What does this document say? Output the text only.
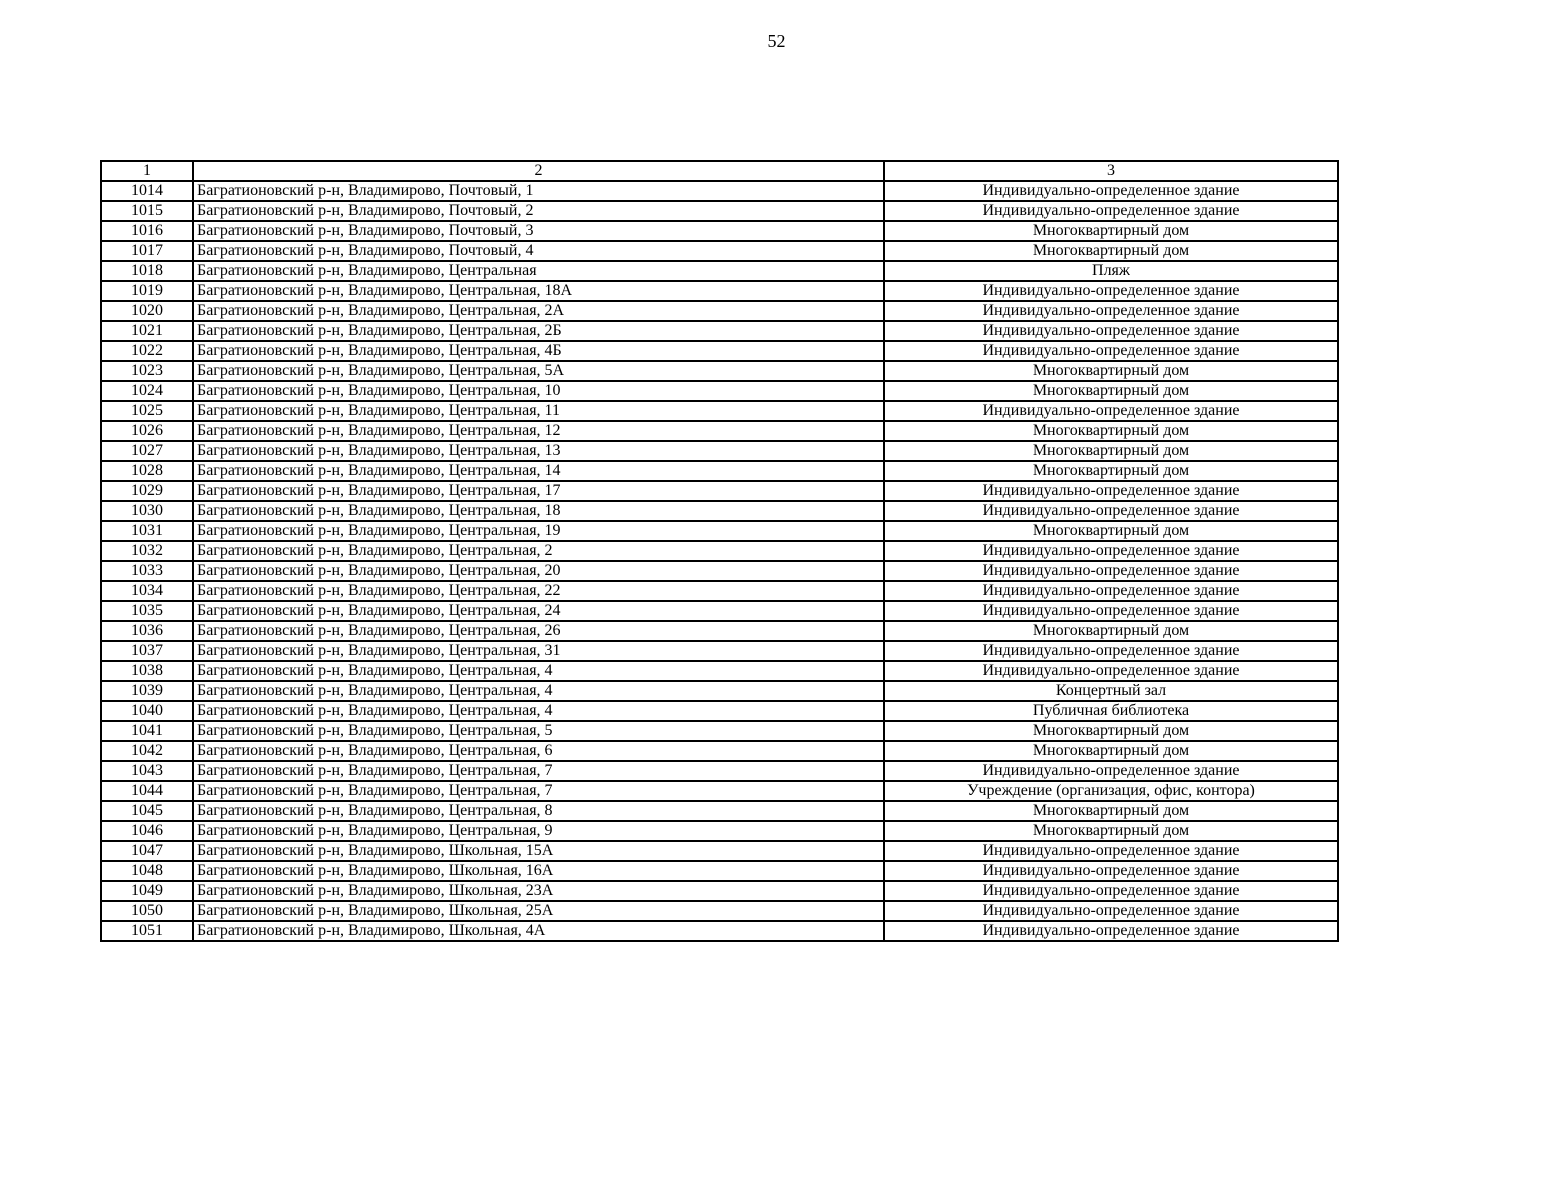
52
1	2	3
1014	Багратионовский р-н, Владимирово, Почтовый, 1	Индивидуально-определенное здание
1015	Багратионовский р-н, Владимирово, Почтовый, 2	Индивидуально-определенное здание
1016	Багратионовский р-н, Владимирово, Почтовый, 3	Многоквартирный дом
1017	Багратионовский р-н, Владимирово, Почтовый, 4	Многоквартирный дом
1018	Багратионовский р-н, Владимирово, Центральная	Пляж
1019	Багратионовский р-н, Владимирово, Центральная, 18А	Индивидуально-определенное здание
1020	Багратионовский р-н, Владимирово, Центральная, 2А	Индивидуально-определенное здание
1021	Багратионовский р-н, Владимирово, Центральная, 2Б	Индивидуально-определенное здание
1022	Багратионовский р-н, Владимирово, Центральная, 4Б	Индивидуально-определенное здание
1023	Багратионовский р-н, Владимирово, Центральная, 5А	Многоквартирный дом
1024	Багратионовский р-н, Владимирово, Центральная, 10	Многоквартирный дом
1025	Багратионовский р-н, Владимирово, Центральная, 11	Индивидуально-определенное здание
1026	Багратионовский р-н, Владимирово, Центральная, 12	Многоквартирный дом
1027	Багратионовский р-н, Владимирово, Центральная, 13	Многоквартирный дом
1028	Багратионовский р-н, Владимирово, Центральная, 14	Многоквартирный дом
1029	Багратионовский р-н, Владимирово, Центральная, 17	Индивидуально-определенное здание
1030	Багратионовский р-н, Владимирово, Центральная, 18	Индивидуально-определенное здание
1031	Багратионовский р-н, Владимирово, Центральная, 19	Многоквартирный дом
1032	Багратионовский р-н, Владимирово, Центральная, 2	Индивидуально-определенное здание
1033	Багратионовский р-н, Владимирово, Центральная, 20	Индивидуально-определенное здание
1034	Багратионовский р-н, Владимирово, Центральная, 22	Индивидуально-определенное здание
1035	Багратионовский р-н, Владимирово, Центральная, 24	Индивидуально-определенное здание
1036	Багратионовский р-н, Владимирово, Центральная, 26	Многоквартирный дом
1037	Багратионовский р-н, Владимирово, Центральная, 31	Индивидуально-определенное здание
1038	Багратионовский р-н, Владимирово, Центральная, 4	Индивидуально-определенное здание
1039	Багратионовский р-н, Владимирово, Центральная, 4	Концертный зал
1040	Багратионовский р-н, Владимирово, Центральная, 4	Публичная библиотека
1041	Багратионовский р-н, Владимирово, Центральная, 5	Многоквартирный дом
1042	Багратионовский р-н, Владимирово, Центральная, 6	Многоквартирный дом
1043	Багратионовский р-н, Владимирово, Центральная, 7	Индивидуально-определенное здание
1044	Багратионовский р-н, Владимирово, Центральная, 7	Учреждение (организация, офис, контора)
1045	Багратионовский р-н, Владимирово, Центральная, 8	Многоквартирный дом
1046	Багратионовский р-н, Владимирово, Центральная, 9	Многоквартирный дом
1047	Багратионовский р-н, Владимирово, Школьная, 15А	Индивидуально-определенное здание
1048	Багратионовский р-н, Владимирово, Школьная, 16А	Индивидуально-определенное здание
1049	Багратионовский р-н, Владимирово, Школьная, 23А	Индивидуально-определенное здание
1050	Багратионовский р-н, Владимирово, Школьная, 25А	Индивидуально-определенное здание
1051	Багратионовский р-н, Владимирово, Школьная, 4А	Индивидуально-определенное здание
